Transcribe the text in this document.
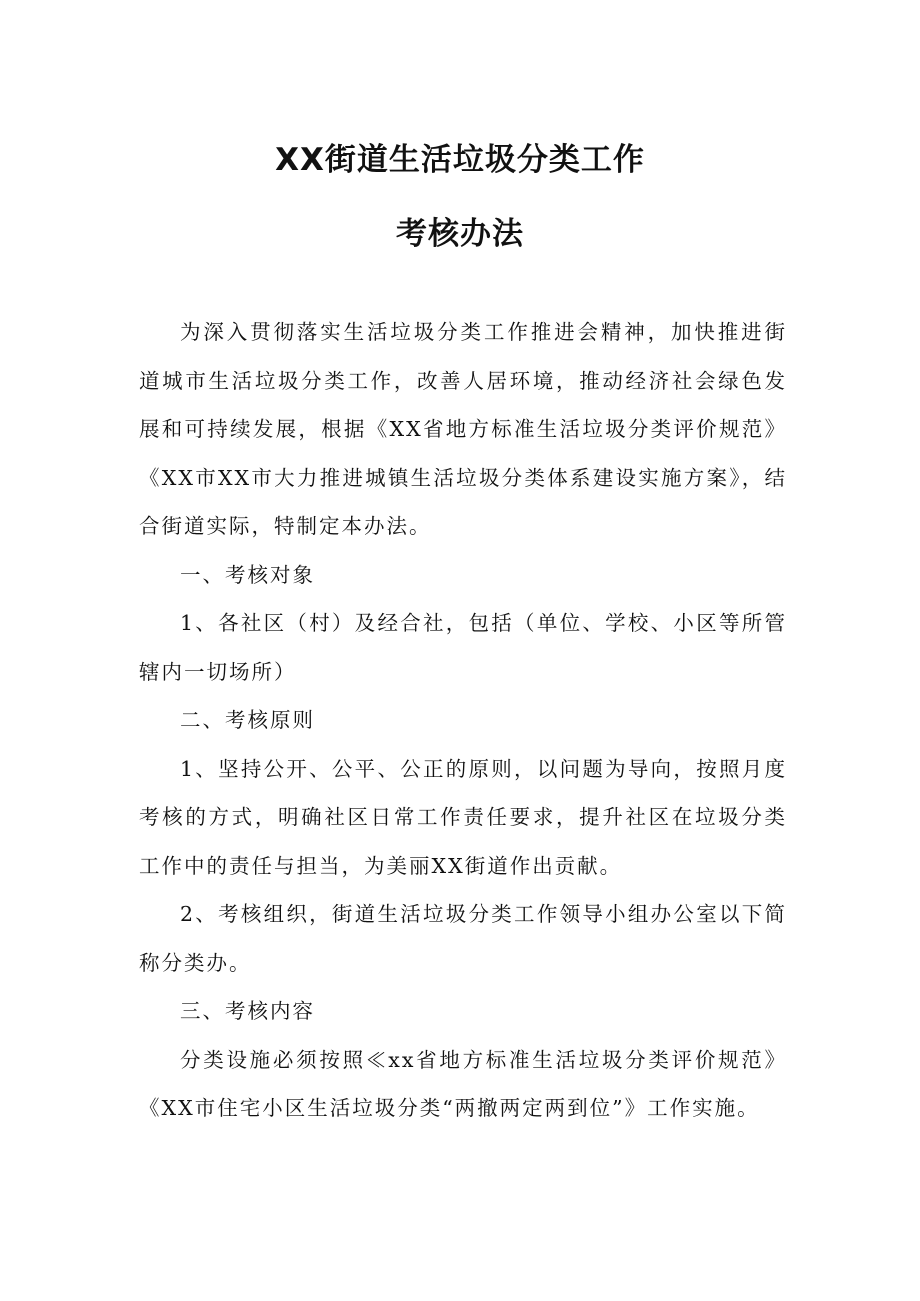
XX街道生活垃圾分类工作
考核办法

为深入贯彻落实生活垃圾分类工作推进会精神，加快推进街道城市生活垃圾分类工作，改善人居环境，推动经济社会绿色发展和可持续发展，根据《XX省地方标准生活垃圾分类评价规范》《XX市XX市大力推进城镇生活垃圾分类体系建设实施方案》，结合街道实际，特制定本办法。

一、考核对象

1、各社区（村）及经合社，包括（单位、学校、小区等所管辖内一切场所）

二、考核原则

1、坚持公开、公平、公正的原则，以问题为导向，按照月度考核的方式，明确社区日常工作责任要求，提升社区在垃圾分类工作中的责任与担当，为美丽XX街道作出贡献。

2、考核组织，街道生活垃圾分类工作领导小组办公室以下简称分类办。

三、考核内容

分类设施必须按照≪xx省地方标准生活垃圾分类评价规范》《XX市住宅小区生活垃圾分类“两撤两定两到位”》工作实施。
